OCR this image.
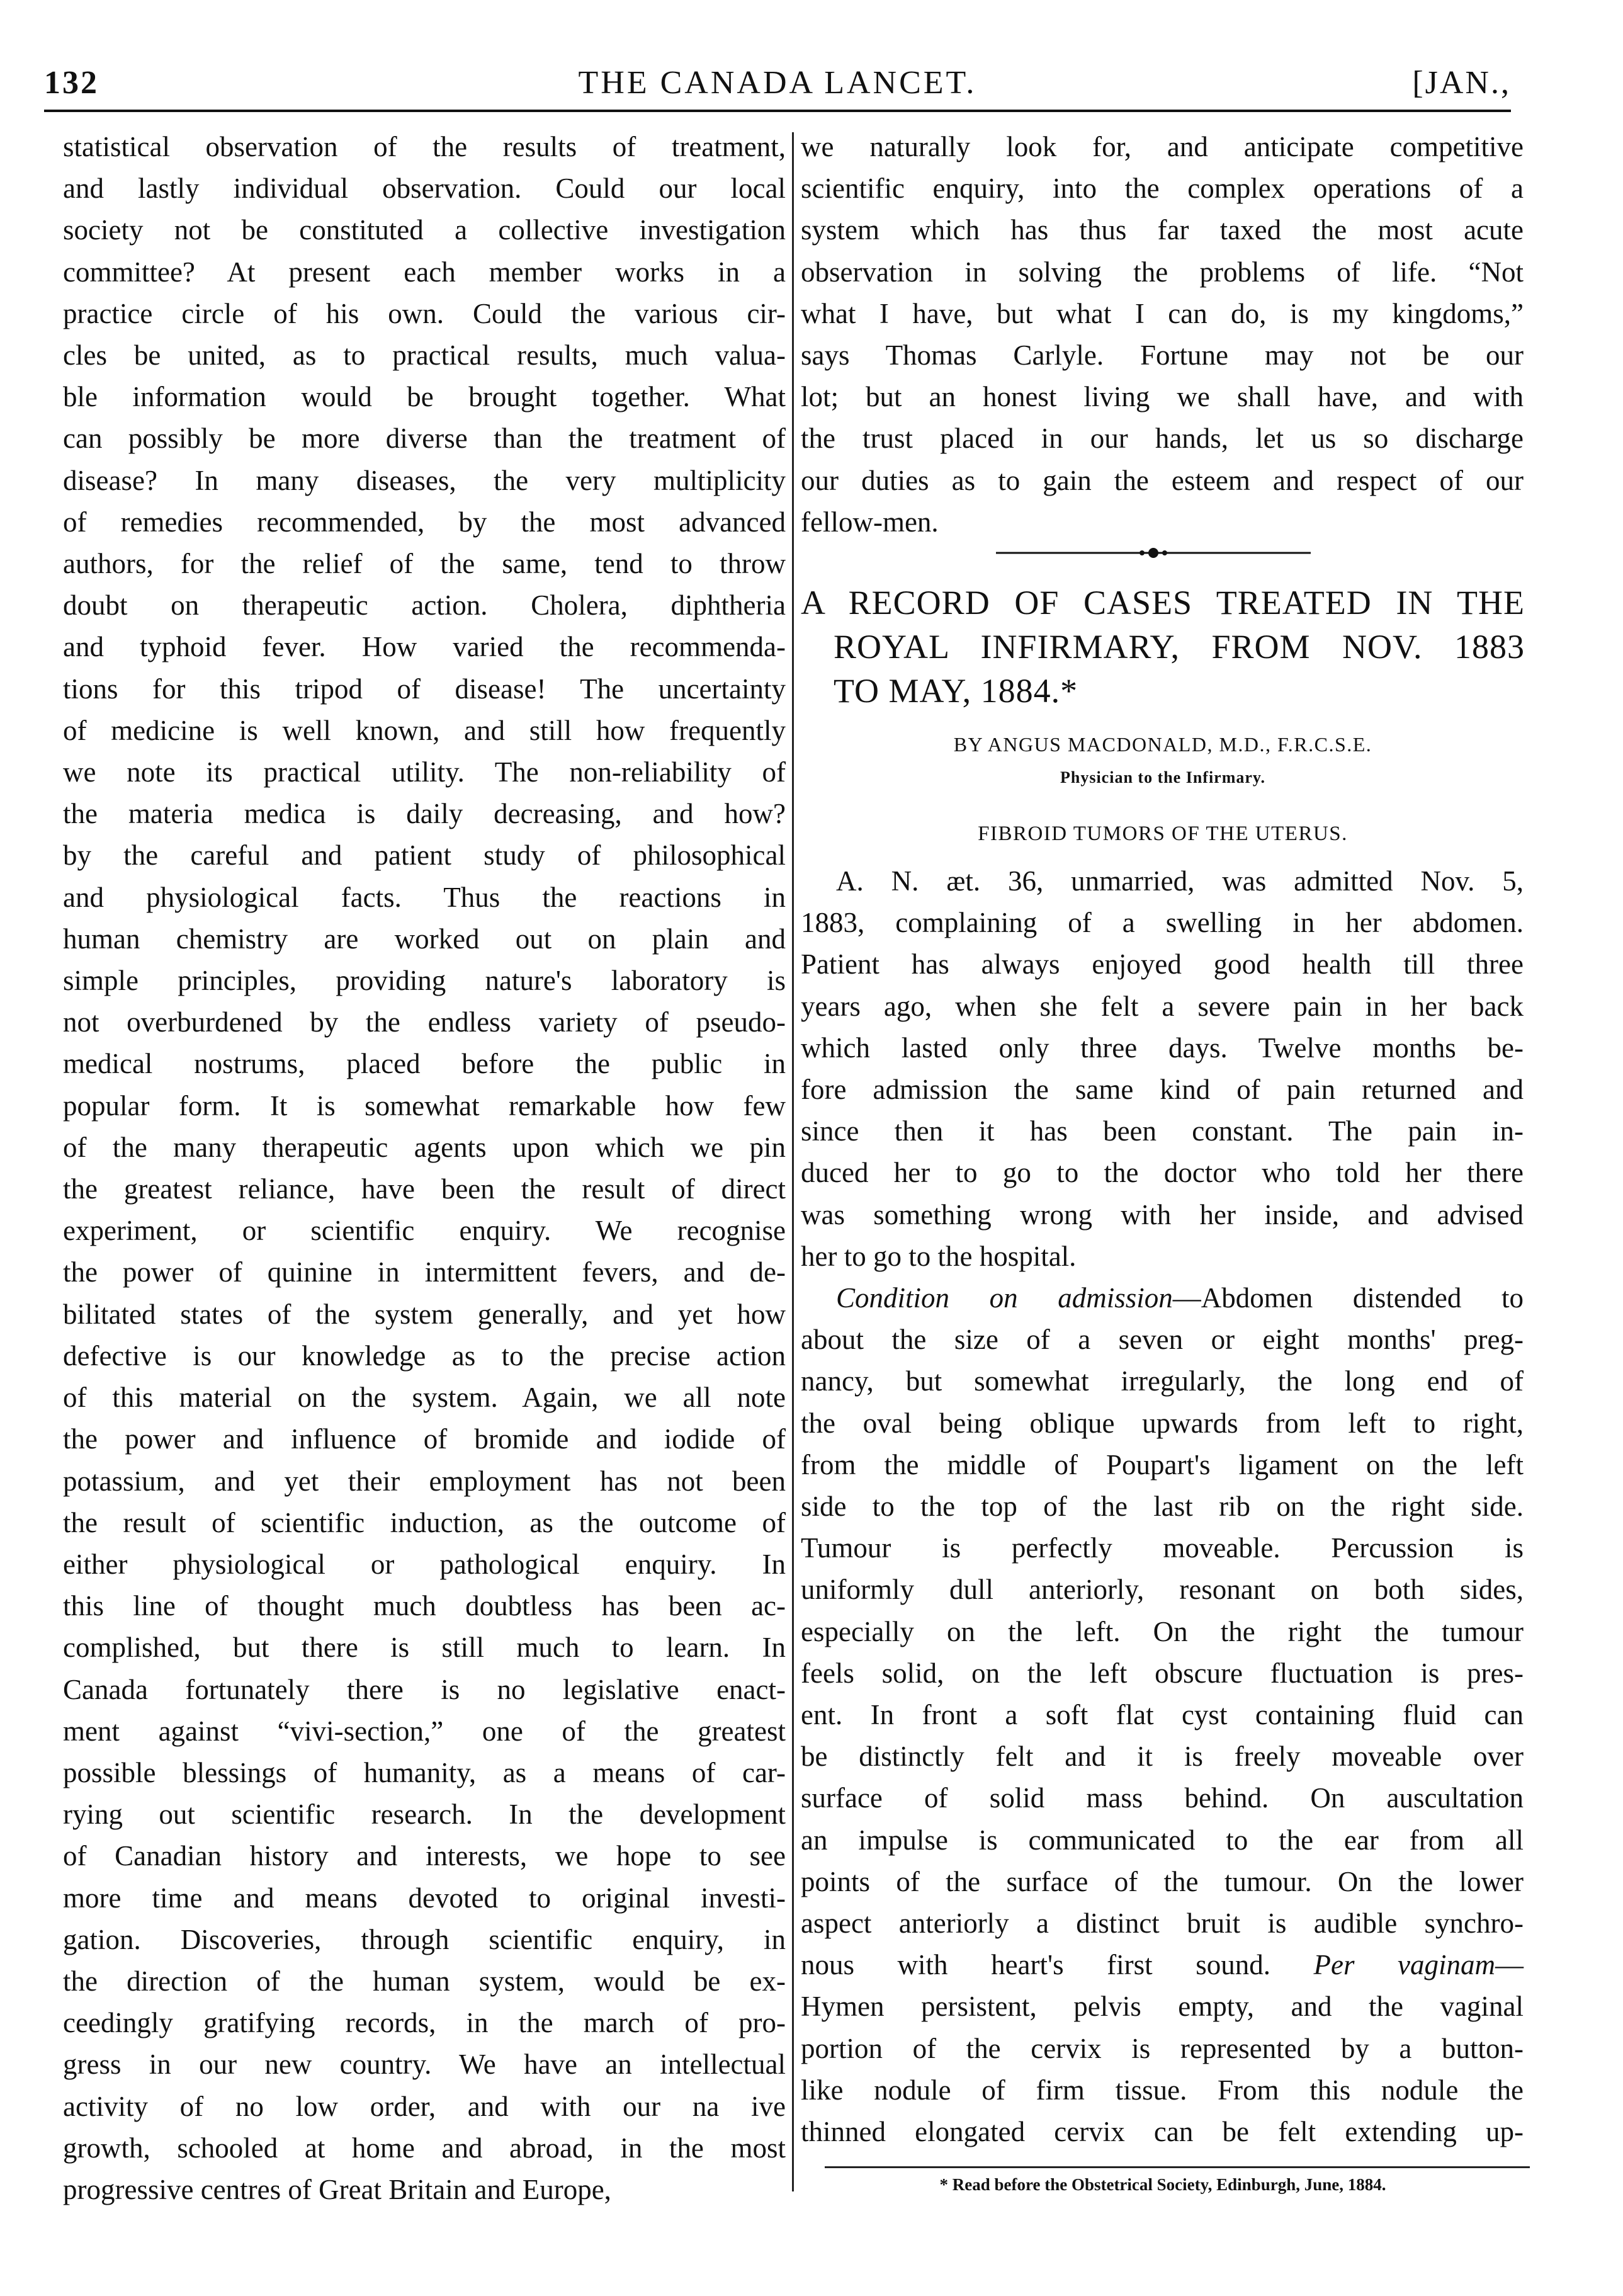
132	THE CANADA LANCET.	[JAN.,
statistical observation of the results of treatment,
and lastly individual observation. Could our local
society not be constituted a collective investigation
committee? At present each member works in a
practice circle of his own. Could the various cir-
cles be united, as to practical results, much valua-
ble information would be brought together. What
can possibly be more diverse than the treatment of
disease? In many diseases, the very multiplicity
of remedies recommended, by the most advanced
authors, for the relief of the same, tend to throw
doubt on therapeutic action. Cholera, diphtheria
and typhoid fever. How varied the recommenda-
tions for this tripod of disease! The uncertainty
of medicine is well known, and still how frequently
we note its practical utility. The non-reliability of
the materia medica is daily decreasing, and how?
by the careful and patient study of philosophical
and physiological facts. Thus the reactions in
human chemistry are worked out on plain and
simple principles, providing nature's laboratory is
not overburdened by the endless variety of pseudo-
medical nostrums, placed before the public in
popular form. It is somewhat remarkable how few
of the many therapeutic agents upon which we pin
the greatest reliance, have been the result of direct
experiment, or scientific enquiry. We recognise
the power of quinine in intermittent fevers, and de-
bilitated states of the system generally, and yet how
defective is our knowledge as to the precise action
of this material on the system. Again, we all note
the power and influence of bromide and iodide of
potassium, and yet their employment has not been
the result of scientific induction, as the outcome of
either physiological or pathological enquiry. In
this line of thought much doubtless has been ac-
complished, but there is still much to learn. In
Canada fortunately there is no legislative enact-
ment against “vivi-section,” one of the greatest
possible blessings of humanity, as a means of car-
rying out scientific research. In the development
of Canadian history and interests, we hope to see
more time and means devoted to original investi-
gation. Discoveries, through scientific enquiry, in
the direction of the human system, would be ex-
ceedingly gratifying records, in the march of pro-
gress in our new country. We have an intellectual
activity of no low order, and with our na ive
growth, schooled at home and abroad, in the most
progressive centres of Great Britain and Europe,
we naturally look for, and anticipate competitive
scientific enquiry, into the complex operations of a
system which has thus far taxed the most acute
observation in solving the problems of life. “Not
what I have, but what I can do, is my kingdoms,”
says Thomas Carlyle. Fortune may not be our
lot; but an honest living we shall have, and with
the trust placed in our hands, let us so discharge
our duties as to gain the esteem and respect of our
fellow-men.
A RECORD OF CASES TREATED IN THE
ROYAL INFIRMARY, FROM NOV. 1883
TO MAY, 1884.*
BY ANGUS MACDONALD, M.D., F.R.C.S.E.
Physician to the Infirmary.
FIBROID TUMORS OF THE UTERUS.
A. N. æt. 36, unmarried, was admitted Nov. 5,
1883, complaining of a swelling in her abdomen.
Patient has always enjoyed good health till three
years ago, when she felt a severe pain in her back
which lasted only three days. Twelve months be-
fore admission the same kind of pain returned and
since then it has been constant. The pain in-
duced her to go to the doctor who told her there
was something wrong with her inside, and advised
her to go to the hospital.
Condition on admission—Abdomen distended to
about the size of a seven or eight months' preg-
nancy, but somewhat irregularly, the long end of
the oval being oblique upwards from left to right,
from the middle of Poupart's ligament on the left
side to the top of the last rib on the right side.
Tumour is perfectly moveable. Percussion is
uniformly dull anteriorly, resonant on both sides,
especially on the left. On the right the tumour
feels solid, on the left obscure fluctuation is pres-
ent. In front a soft flat cyst containing fluid can
be distinctly felt and it is freely moveable over
surface of solid mass behind. On auscultation
an impulse is communicated to the ear from all
points of the surface of the tumour. On the lower
aspect anteriorly a distinct bruit is audible synchro-
nous with heart's first sound. Per vaginam—
Hymen persistent, pelvis empty, and the vaginal
portion of the cervix is represented by a button-
like nodule of firm tissue. From this nodule the
thinned elongated cervix can be felt extending up-
* Read before the Obstetrical Society, Edinburgh, June, 1884.
